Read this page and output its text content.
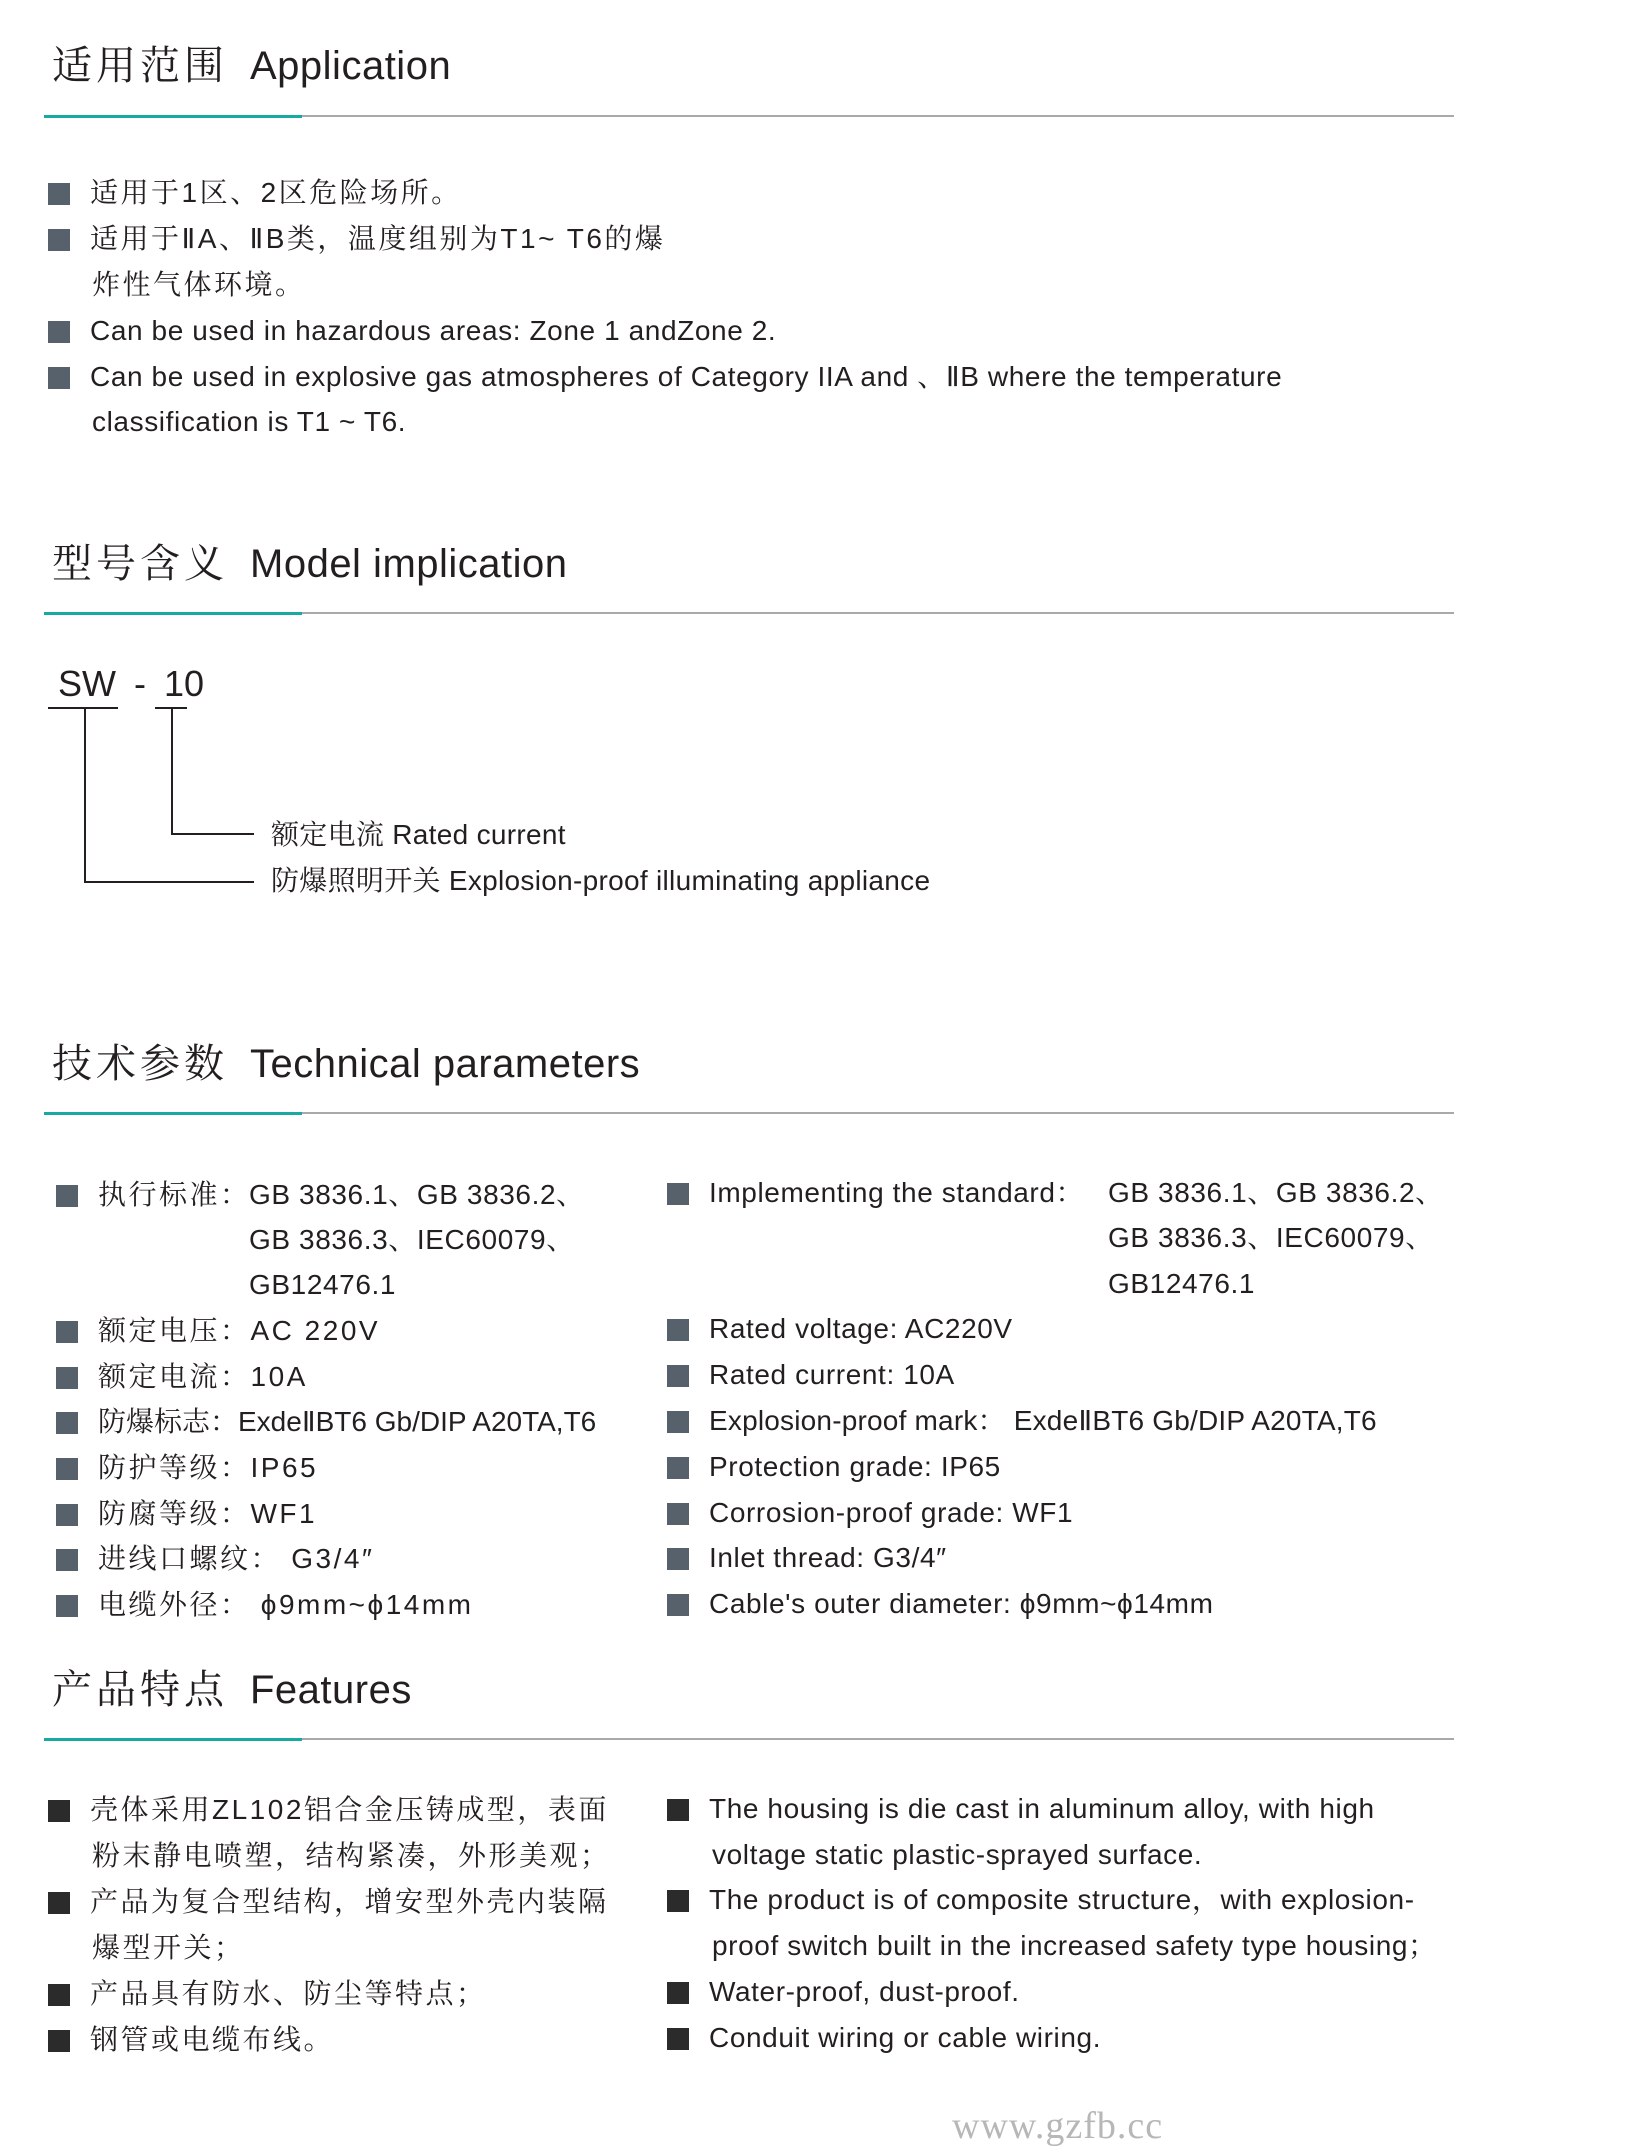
适用范围 Application
适用于1区、2区危险场所。
适用于ⅡA、ⅡB类，温度组别为T1~ T6的爆
炸性气体环境。
Can be used in hazardous areas: Zone 1 andZone 2.
Can be used in explosive gas atmospheres of Category IIA and 、ⅡB where the temperature
classification is T1 ~ T6.
型号含义 Model implication
SW - 10
额定电流 Rated current
防爆照明开关 Explosion-proof illuminating appliance
技术参数 Technical parameters
执行标准：
GB 3836.1、GB 3836.2、
GB 3836.3、IEC60079、
GB12476.1
额定电压：AC 220V
额定电流：10A
防爆标志：ExdeⅡBT6 Gb/DIP A20TA,T6
防护等级：IP65
防腐等级：WF1
进线口螺纹： G3/4″
电缆外径： ϕ9mm~ϕ14mm
Implementing the standard： GB 3836.1、GB 3836.2、
GB 3836.3、IEC60079、
GB12476.1
Rated voltage: AC220V
Rated current: 10A
Explosion-proof mark： ExdeⅡBT6 Gb/DIP A20TA,T6
Protection grade: IP65
Corrosion-proof grade: WF1
Inlet thread: G3/4″
Cable's outer diameter: ϕ9mm~ϕ14mm
产品特点 Features
壳体采用ZL102铝合金压铸成型，表面
粉末静电喷塑，结构紧凑，外形美观；
产品为复合型结构，增安型外壳内装隔
爆型开关；
产品具有防水、防尘等特点；
钢管或电缆布线。
The housing is die cast in aluminum alloy, with high
voltage static plastic-sprayed surface.
The product is of composite structure，with explosion-
proof switch built in the increased safety type housing；
Water-proof, dust-proof.
Conduit wiring or cable wiring.
www.gzfb.cc
